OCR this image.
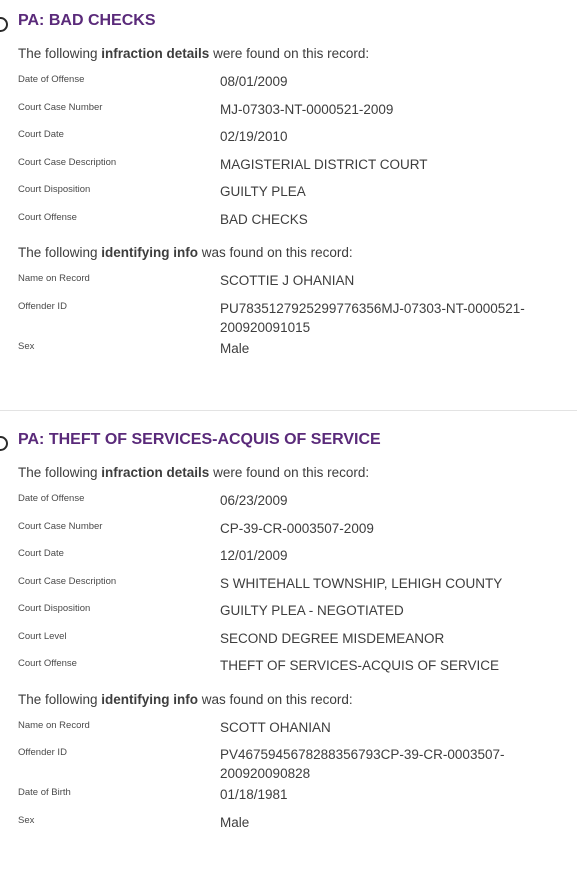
PA: BAD CHECKS

The following infraction details were found on this record:

Date of Offense	08/01/2009
Court Case Number	MJ-07303-NT-0000521-2009
Court Date	02/19/2010
Court Case Description	MAGISTERIAL DISTRICT COURT
Court Disposition	GUILTY PLEA
Court Offense	BAD CHECKS

The following identifying info was found on this record:

Name on Record	SCOTTIE J OHANIAN
Offender ID	PU783512792529977635​6MJ-07303-NT-0000521-200920091015
Sex	Male
PA: THEFT OF SERVICES-ACQUIS OF SERVICE

The following infraction details were found on this record:

Date of Offense	06/23/2009
Court Case Number	CP-39-CR-0003507-2009
Court Date	12/01/2009
Court Case Description	S WHITEHALL TOWNSHIP, LEHIGH COUNTY
Court Disposition	GUILTY PLEA - NEGOTIATED
Court Level	SECOND DEGREE MISDEMEANOR
Court Offense	THEFT OF SERVICES-ACQUIS OF SERVICE

The following identifying info was found on this record:

Name on Record	SCOTT OHANIAN
Offender ID	PV4675945678288356793CP-39-CR-0003507-200920090828
Date of Birth	01/18/1981
Sex	Male
